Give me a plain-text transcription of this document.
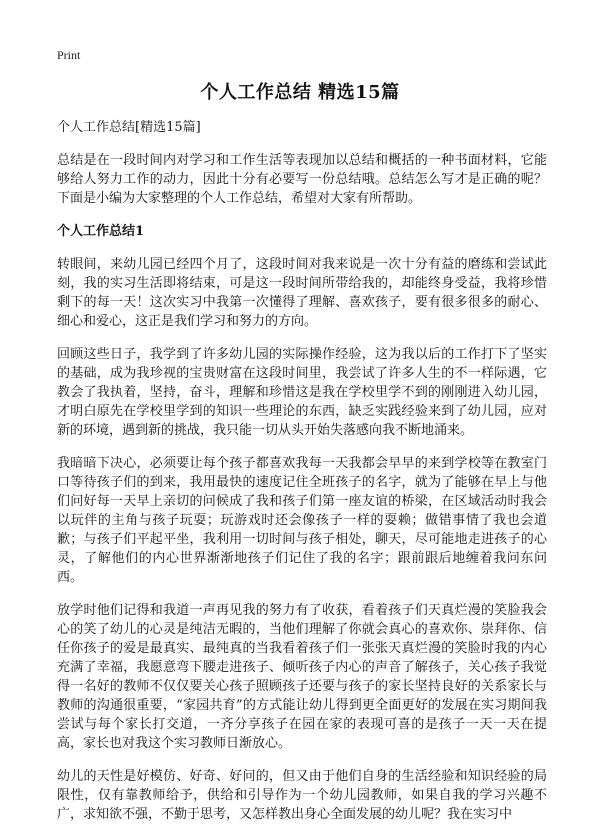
Print
个人工作总结 精选15篇
个人工作总结[精选15篇]

总结是在一段时间内对学习和工作生活等表现加以总结和概括的一种书面材料，它能够给人努力工作的动力，因此十分有必要写一份总结哦。总结怎么写才是正确的呢？下面是小编为大家整理的个人工作总结，希望对大家有所帮助。

个人工作总结1

转眼间，来幼儿园已经四个月了，这段时间对我来说是一次十分有益的磨练和尝试此刻，我的实习生活即将结束，可是这一段时间所带给我的，却能终身受益，我将珍惜剩下的每一天！这次实习中我第一次懂得了理解、喜欢孩子，要有很多很多的耐心、细心和爱心，这正是我们学习和努力的方向。

回顾这些日子，我学到了许多幼儿园的实际操作经验，这为我以后的工作打下了坚实的基础，成为我珍视的宝贵财富在这段时间里，我尝试了许多人生的不一样际遇，它教会了我执着，坚持，奋斗，理解和珍惜这是我在学校里学不到的刚刚进入幼儿园，才明白原先在学校里学到的知识一些理论的东西，缺乏实践经验来到了幼儿园，应对新的环境，遇到新的挑战，我只能一切从头开始失落感向我不断地涌来。

我暗暗下决心，必须要让每个孩子都喜欢我每一天我都会早早的来到学校等在教室门口等待孩子们的到来，我用最快的速度记住全班孩子的名字，就为了能够在早上与他们问好每一天早上亲切的问候成了我和孩子们第一座友谊的桥梁，在区域活动时我会以玩伴的主角与孩子玩耍；玩游戏时还会像孩子一样的耍赖；做错事情了我也会道歉；与孩子们平起平坐，我利用一切时间与孩子相处，聊天，尽可能地走进孩子的心灵，了解他们的内心世界渐渐地孩子们记住了我的名字；跟前跟后地缠着我问东问西。

放学时他们记得和我道一声再见我的努力有了收获，看着孩子们天真烂漫的笑脸我会心的笑了幼儿的心灵是纯洁无暇的，当他们理解了你就会真心的喜欢你、崇拜你、信任你孩子的爱是最真实、最纯真的当我看着孩子们一张张天真烂漫的笑脸时我的内心充满了幸福，我愿意弯下腰走进孩子、倾听孩子内心的声音了解孩子，关心孩子我觉得一名好的教师不仅仅要关心孩子照顾孩子还要与孩子的家长坚持良好的关系家长与教师的沟通很重要，“家园共育”的方式能让幼儿得到更全面更好的发展在实习期间我尝试与每个家长打交道，一齐分享孩子在园在家的表现可喜的是孩子一天一天在提高，家长也对我这个实习教师日渐放心。

幼儿的天性是好模仿、好奇、好问的，但又由于他们自身的生活经验和知识经验的局限性，仅有靠教师给予，供给和引导作为一个幼儿园教师，如果自我的学习兴趣不广，求知欲不强，不勤于思考，又怎样教出身心全面发展的幼儿呢？我在实习中
